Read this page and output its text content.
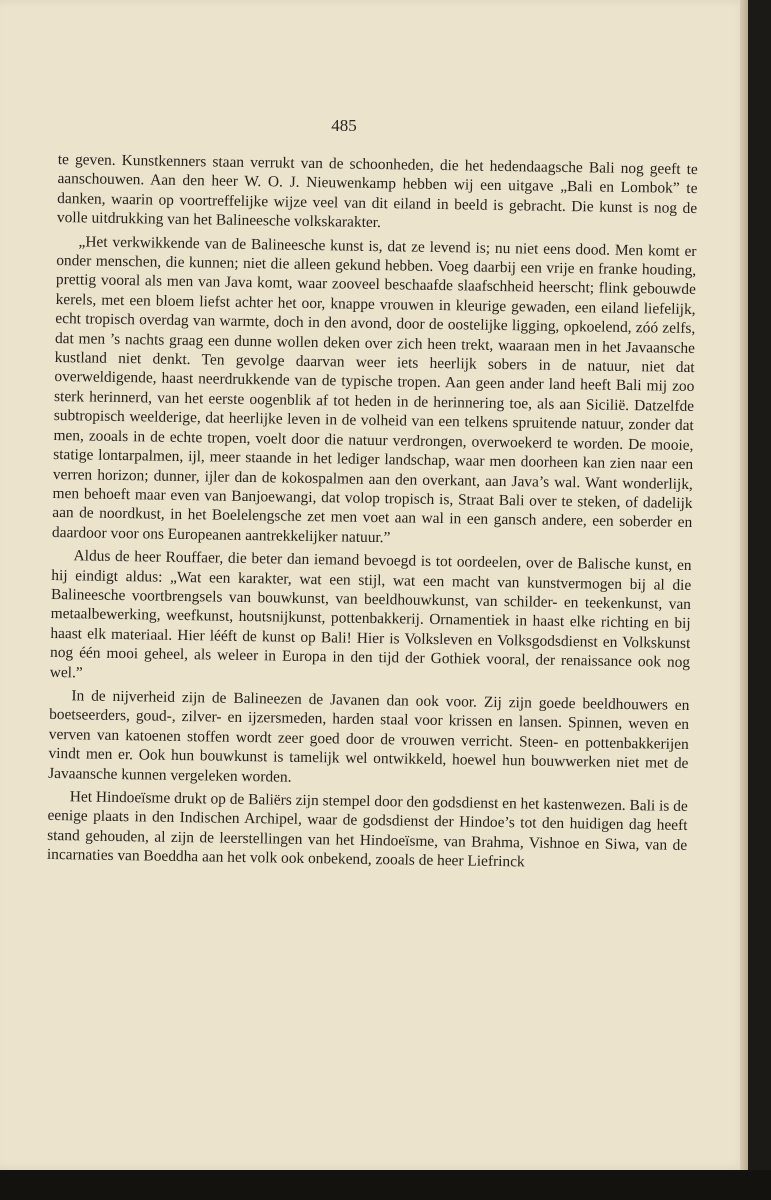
485

te geven. Kunstkenners staan verrukt van de schoonheden, die het hedendaagsche Bali nog geeft te aanschouwen. Aan den heer W. O. J. Nieuwenkamp hebben wij een uitgave „Bali en Lombok” te danken, waarin op voortreffelijke wijze veel van dit eiland in beeld is gebracht. Die kunst is nog de volle uitdrukking van het Balineesche volkskarakter.

„Het verkwikkende van de Balineesche kunst is, dat ze levend is; nu niet eens dood. Men komt er onder menschen, die kunnen; niet die alleen gekund hebben. Voeg daarbij een vrije en franke houding, prettig vooral als men van Java komt, waar zooveel beschaafde slaafschheid heerscht; flink gebouwde kerels, met een bloem liefst achter het oor, knappe vrouwen in kleurige gewaden, een eiland liefelijk, echt tropisch overdag van warmte, doch in den avond, door de oostelijke ligging, opkoelend, zóó zelfs, dat men ’s nachts graag een dunne wollen deken over zich heen trekt, waaraan men in het Javaansche kustland niet denkt. Ten gevolge daarvan weer iets heerlijk sobers in de natuur, niet dat overweldigende, haast neerdrukkende van de typische tropen. Aan geen ander land heeft Bali mij zoo sterk herinnerd, van het eerste oogenblik af tot heden in de herinnering toe, als aan Sicilië. Datzelfde subtropisch weelderige, dat heerlijke leven in de volheid van een telkens spruitende natuur, zonder dat men, zooals in de echte tropen, voelt door die natuur verdrongen, overwoekerd te worden. De mooie, statige lontarpalmen, ijl, meer staande in het lediger landschap, waar men doorheen kan zien naar een verren horizon; dunner, ijler dan de kokospalmen aan den overkant, aan Java’s wal. Want wonderlijk, men behoeft maar even van Banjoewangi, dat volop tropisch is, Straat Bali over te steken, of dadelijk aan de noordkust, in het Boelelengsche zet men voet aan wal in een gansch andere, een soberder en daardoor voor ons Europeanen aantrekkelijker natuur.”

Aldus de heer Rouffaer, die beter dan iemand bevoegd is tot oordeelen, over de Balische kunst, en hij eindigt aldus: „Wat een karakter, wat een stijl, wat een macht van kunstvermogen bij al die Balineesche voortbrengsels van bouwkunst, van beeldhouwkunst, van schilder- en teekenkunst, van metaalbewerking, weefkunst, houtsnijkunst, pottenbakkerij. Ornamentiek in haast elke richting en bij haast elk materiaal. Hier lééft de kunst op Bali! Hier is Volksleven en Volksgodsdienst en Volkskunst nog één mooi geheel, als weleer in Europa in den tijd der Gothiek vooral, der renaissance ook nog wel.”

In de nijverheid zijn de Balineezen de Javanen dan ook voor. Zij zijn goede beeldhouwers en boetseerders, goud-, zilver- en ijzersmeden, harden staal voor krissen en lansen. Spinnen, weven en verven van katoenen stoffen wordt zeer goed door de vrouwen verricht. Steen- en pottenbakkerijen vindt men er. Ook hun bouwkunst is tamelijk wel ontwikkeld, hoewel hun bouwwerken niet met de Javaansche kunnen vergeleken worden.

Het Hindoeïsme drukt op de Baliërs zijn stempel door den godsdienst en het kastenwezen. Bali is de eenige plaats in den Indischen Archipel, waar de godsdienst der Hindoe’s tot den huidigen dag heeft stand gehouden, al zijn de leerstellingen van het Hindoeïsme, van Brahma, Vishnoe en Siwa, van de incarnaties van Boeddha aan het volk ook onbekend, zooals de heer Liefrinck
